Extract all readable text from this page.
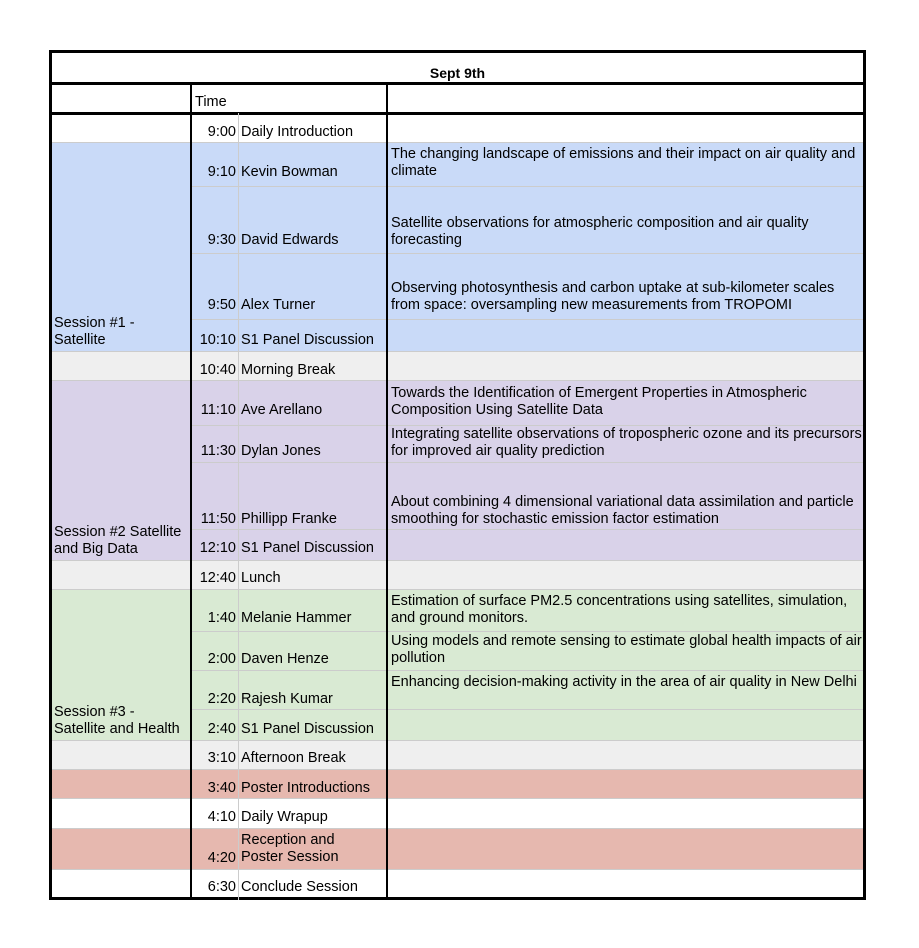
Sept 9th
Time
Session #1 - Satellite
Session #2 Satellite and Big Data
Session #3 - Satellite and Health
9:00 Daily Introduction
9:10 Kevin Bowman
The changing landscape of emissions and their impact on air quality and climate
9:30 David Edwards
Satellite observations for atmospheric composition and air quality forecasting
9:50 Alex Turner
Observing photosynthesis and carbon uptake at sub-kilometer scales from space: oversampling new measurements from TROPOMI
10:10 S1 Panel Discussion
10:40 Morning Break
11:10 Ave Arellano
Towards the Identification of Emergent Properties in Atmospheric Composition Using Satellite Data
11:30 Dylan Jones
Integrating satellite observations of tropospheric ozone and its precursors for improved air quality prediction
11:50 Phillipp Franke
About combining 4 dimensional variational data assimilation and particle smoothing for stochastic emission factor estimation
12:10 S1 Panel Discussion
12:40 Lunch
1:40 Melanie Hammer
Estimation of surface PM2.5 concentrations using satellites, simulation, and ground monitors.
2:00 Daven Henze
Using models and remote sensing to estimate global health impacts of air pollution
2:20 Rajesh Kumar
Enhancing decision-making activity in the area of air quality in New Delhi
2:40 S1 Panel Discussion
3:10 Afternoon Break
3:40 Poster Introductions
4:10 Daily Wrapup
4:20
Reception and Poster Session
6:30 Conclude Session
